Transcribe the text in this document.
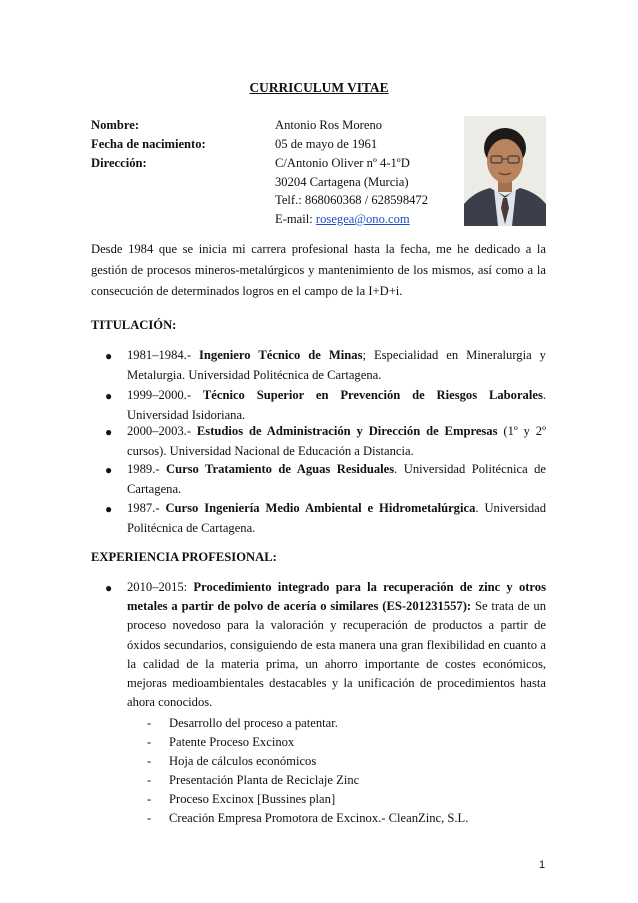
CURRICULUM VITAE
Nombre:	Antonio Ros Moreno
Fecha de nacimiento:	05 de mayo de 1961
Dirección:	C/Antonio Oliver nº 4-1ºD
30204 Cartagena (Murcia)
Telf.: 868060368 / 628598472
E-mail: rosegea@ono.com
Desde 1984 que se inicia mi carrera profesional hasta la fecha, me he dedicado a la gestión de procesos mineros-metalúrgicos y mantenimiento de los mismos, así como a la consecución de determinados logros en el campo de la I+D+i.
TITULACIÓN:
● 1981–1984.- Ingeniero Técnico de Minas; Especialidad en Mineralurgia y Metalurgia. Universidad Politécnica de Cartagena.
● 1999–2000.- Técnico Superior en Prevención de Riesgos Laborales. Universidad Isidoriana.
● 2000–2003.- Estudios de Administración y Dirección de Empresas (1º y 2º cursos). Universidad Nacional de Educación a Distancia.
● 1989.- Curso Tratamiento de Aguas Residuales. Universidad Politécnica de Cartagena.
● 1987.- Curso Ingeniería Medio Ambiental e Hidrometalúrgica. Universidad Politécnica de Cartagena.
EXPERIENCIA PROFESIONAL:
● 2010–2015: Procedimiento integrado para la recuperación de zinc y otros metales a partir de polvo de acería o similares (ES-201231557): Se trata de un proceso novedoso para la valoración y recuperación de productos a partir de óxidos secundarios, consiguiendo de esta manera una gran flexibilidad en cuanto a la calidad de la materia prima, un ahorro importante de costes económicos, mejoras medioambientales destacables y la unificación de procedimientos hasta ahora conocidos.
- Desarrollo del proceso a patentar.
- Patente Proceso Excinox
- Hoja de cálculos económicos
- Presentación Planta de Reciclaje Zinc
- Proceso Excinox [Bussines plan]
- Creación Empresa Promotora de Excinox.- CleanZinc, S.L.
1
